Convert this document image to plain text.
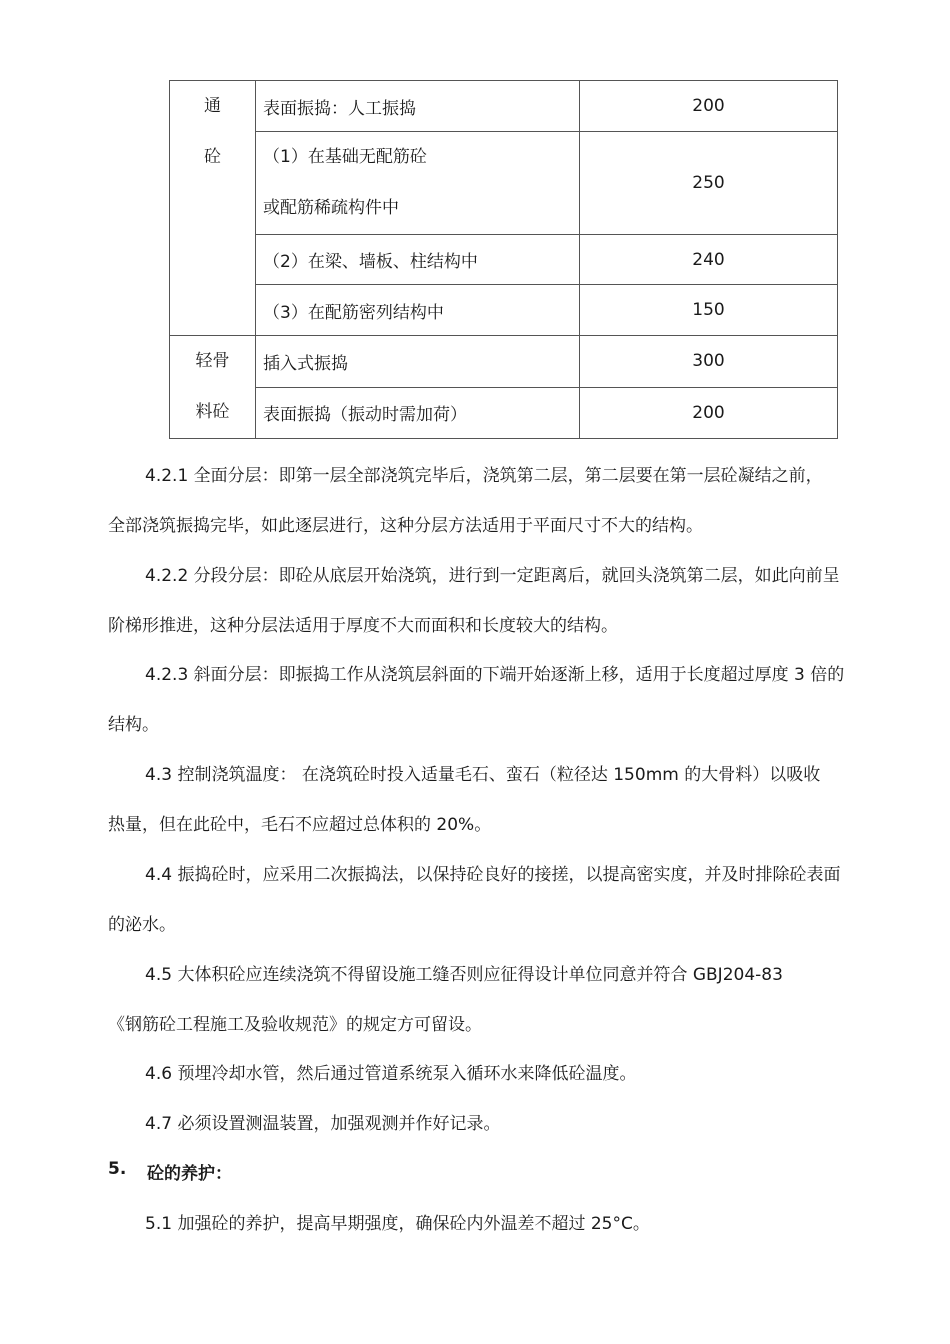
通
砼	表面振捣：人工振捣	200

	（1）在基础无配筋砼
或配筋稀疏构件中	250
	（2）在梁、墙板、柱结构中	240
	（3）在配筋密列结构中	150

轻骨
料砼	插入式振捣	300
	表面振捣（振动时需加荷）	200
4.2.1 全面分层：即第一层全部浇筑完毕后，浇筑第二层，第二层要在第一层砼凝结之前，
全部浇筑振捣完毕，如此逐层进行，这种分层方法适用于平面尺寸不大的结构。
4.2.2 分段分层：即砼从底层开始浇筑，进行到一定距离后，就回头浇筑第二层，如此向前呈
阶梯形推进，这种分层法适用于厚度不大而面积和长度较大的结构。
4.2.3 斜面分层：即振捣工作从浇筑层斜面的下端开始逐渐上移，适用于长度超过厚度 3 倍的
结构。
4.3 控制浇筑温度： 在浇筑砼时投入适量毛石、蛮石（粒径达 150mm 的大骨料）以吸收
热量，但在此砼中，毛石不应超过总体积的 20%。
4.4 振捣砼时，应采用二次振捣法，以保持砼良好的接搓，以提高密实度，并及时排除砼表面
的泌水。
4.5 大体积砼应连续浇筑不得留设施工缝否则应征得设计单位同意并符合 GBJ204-83
《钢筋砼工程施工及验收规范》的规定方可留设。
4.6 预埋冷却水管，然后通过管道系统泵入循环水来降低砼温度。
4.7 必须设置测温装置，加强观测并作好记录。
5. 砼的养护：
5.1 加强砼的养护，提高早期强度，确保砼内外温差不超过 25°C。
